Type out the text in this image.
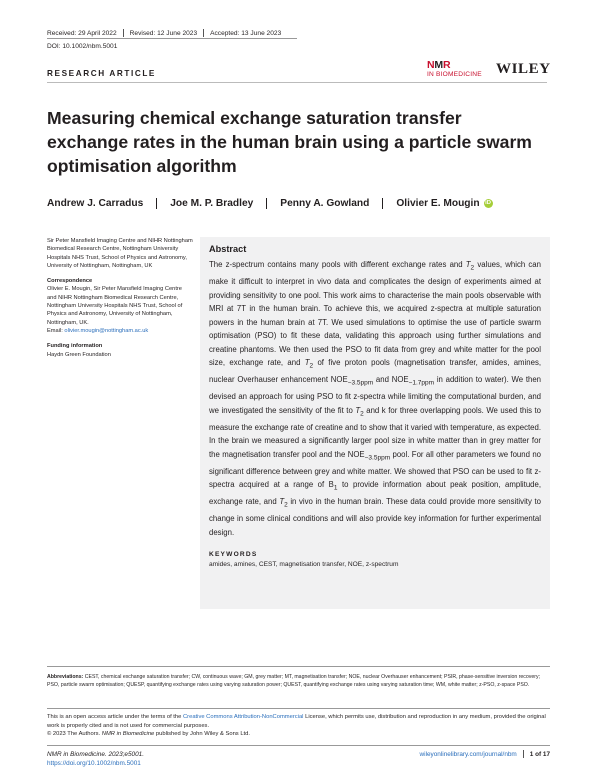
Received: 29 April 2022 Revised: 12 June 2023 Accepted: 13 June 2023
DOI: 10.1002/nbm.5001
RESEARCH ARTICLE
NMR
IN BIOMEDICINE WILEY
Measuring chemical exchange saturation transfer exchange rates in the human brain using a particle swarm optimisation algorithm
Andrew J. Carradus	Joe M. P. Bradley	Penny A. Gowland	Olivier E. Mougin iD

Sir Peter Mansfield Imaging Centre and NIHR Nottingham Biomedical Research Centre, Nottingham University Hospitals NHS Trust, School of Physics and Astronomy, University of Nottingham, Nottingham, UK

Correspondence
Olivier E. Mougin, Sir Peter Mansfield Imaging Centre and NIHR Nottingham Biomedical Research Centre, Nottingham University Hospitals NHS Trust, School of Physics and Astronomy, University of Nottingham, Nottingham, UK.
Email: olivier.mougin@nottingham.ac.uk

Funding information
Haydn Green Foundation

Abstract
The z-spectrum contains many pools with different exchange rates and $T_2$ values, which can make it difficult to interpret in vivo data and complicates the design of experiments aimed at providing sensitivity to one pool. This work aims to characterise the main pools observable with MRI at 7T in the human brain. To achieve this, we acquired z-spectra at multiple saturation powers in the human brain at 7T. We used simulations to optimise the use of particle swarm optimisation (PSO) to fit these data, validating this approach using further simulations and creatine phantoms. We then used the PSO to fit data from grey and white matter for the pool size, exchange rate, and $T_2$ of five proton pools (magnetisation transfer, amides, amines, nuclear Overhauser enhancement $NOE_{-3.5ppm}$ and $NOE_{-1.7ppm}$ in addition to water). We then devised an approach for using PSO to fit z-spectra while limiting the computational burden, and we investigated the sensitivity of the fit to $T_2$ and k for three overlapping pools. We used this to measure the exchange rate of creatine and to show that it varied with temperature, as expected. In the brain we measured a significantly larger pool size in white matter than in grey matter for the magnetisation transfer pool and the $NOE_{-3.5ppm}$ pool. For all other parameters we found no significant difference between grey and white matter. We showed that PSO can be used to fit z-spectra acquired at a range of $B_1$ to provide information about peak position, amplitude, exchange rate, and $T_2$ in vivo in the human brain. These data could provide more sensitivity to change in some clinical conditions and will also provide key information for further experimental design.
KEYWORDS
amides, amines, CEST, magnetisation transfer, NOE, z-spectrum
Abbreviations: CEST, chemical exchange saturation transfer; CW, continuous wave; GM, grey matter; MT, magnetisation transfer; NOE, nuclear Overhauser enhancement; PSIR, phase-sensitive inversion recovery; PSO, particle swarm optimisation; QUESP, quantifying exchange rates using varying saturation power; QUEST, quantifying exchange rates using varying saturation time; WM, white matter; z-PSO, z-space PSO.
This is an open access article under the terms of the Creative Commons Attribution-NonCommercial License, which permits use, distribution and reproduction in any medium, provided the original work is properly cited and is not used for commercial purposes.
© 2023 The Authors. NMR in Biomedicine published by John Wiley & Sons Ltd.
NMR in Biomedicine. 2023;e5001.
https://doi.org/10.1002/nbm.5001
wileyonlinelibrary.com/journal/nbm 1 of 17
